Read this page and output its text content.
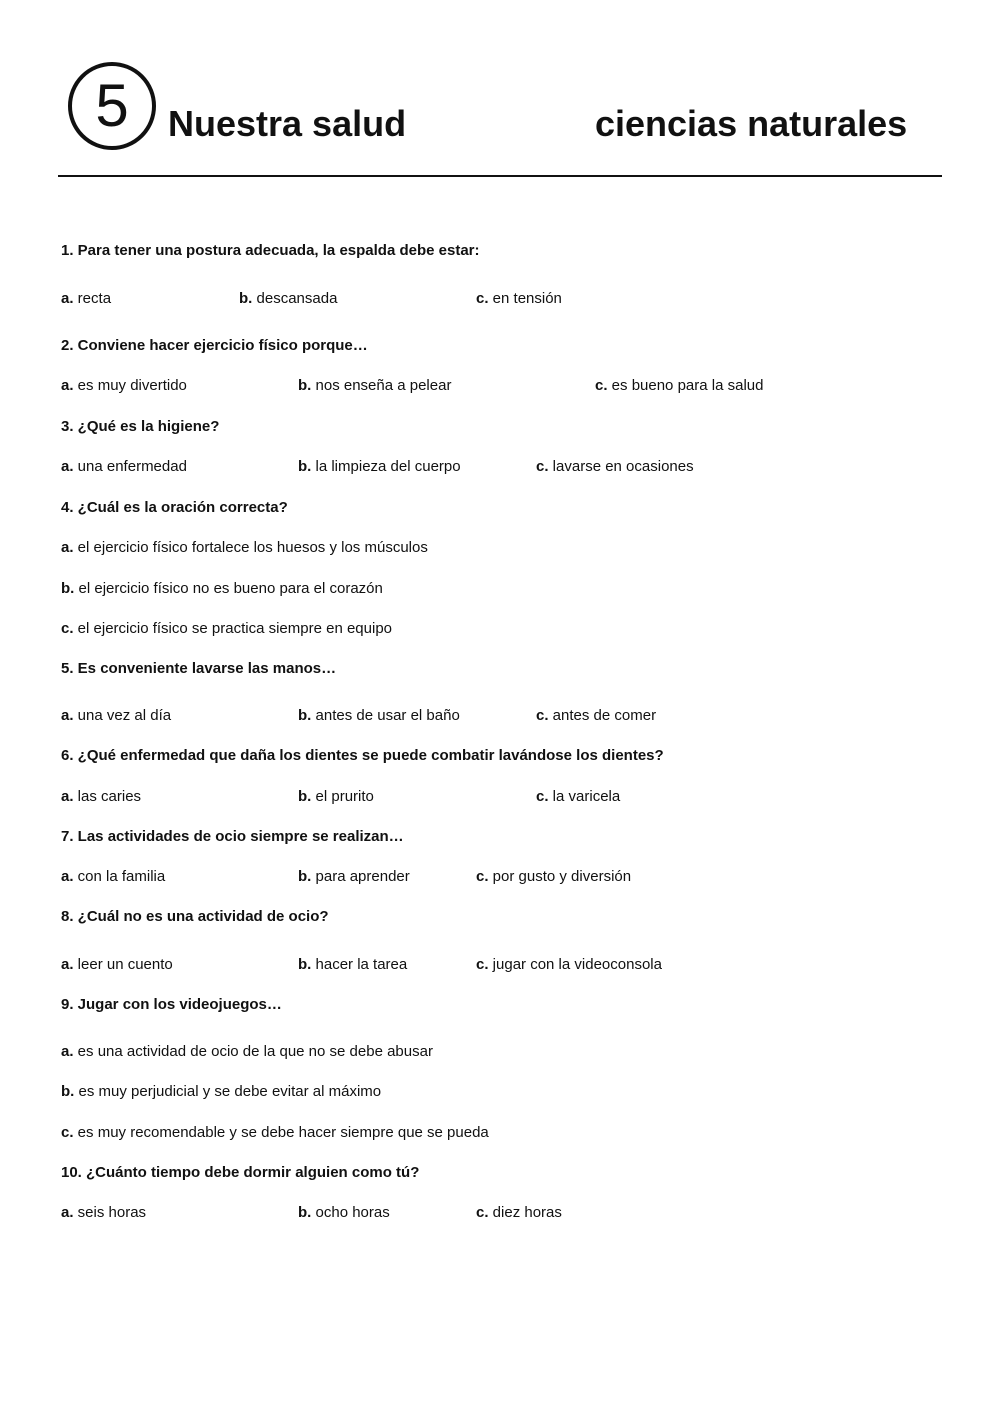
5 Nuestra salud	ciencias naturales
1. Para tener una postura adecuada, la espalda debe estar:
a. recta	b. descansada	c. en tensión
2. Conviene hacer ejercicio físico porque…
a. es muy divertido	b. nos enseña a pelear	c. es bueno para la salud
3. ¿Qué es la higiene?
a. una enfermedad	b. la limpieza del cuerpo	c. lavarse en ocasiones
4. ¿Cuál es la oración correcta?
a. el ejercicio físico fortalece los huesos y los músculos
b. el ejercicio físico no es bueno para el corazón
c. el ejercicio físico se practica siempre en equipo
5. Es conveniente lavarse las manos…
a. una vez al día	b. antes de usar el baño	c. antes de comer
6. ¿Qué enfermedad que daña los dientes se puede combatir lavándose los dientes?
a. las caries	b. el prurito	c. la varicela
7. Las actividades de ocio siempre se realizan…
a. con la familia	b. para aprender	c. por gusto y diversión
8. ¿Cuál no es una actividad de ocio?
a. leer un cuento	b. hacer la tarea	c. jugar con la videoconsola
9. Jugar con los videojuegos…
a. es una actividad de ocio de la que no se debe abusar
b. es muy perjudicial y se debe evitar al máximo
c. es muy recomendable y se debe hacer siempre que se pueda
10. ¿Cuánto tiempo debe dormir alguien como tú?
a. seis horas	b. ocho horas	c. diez horas
